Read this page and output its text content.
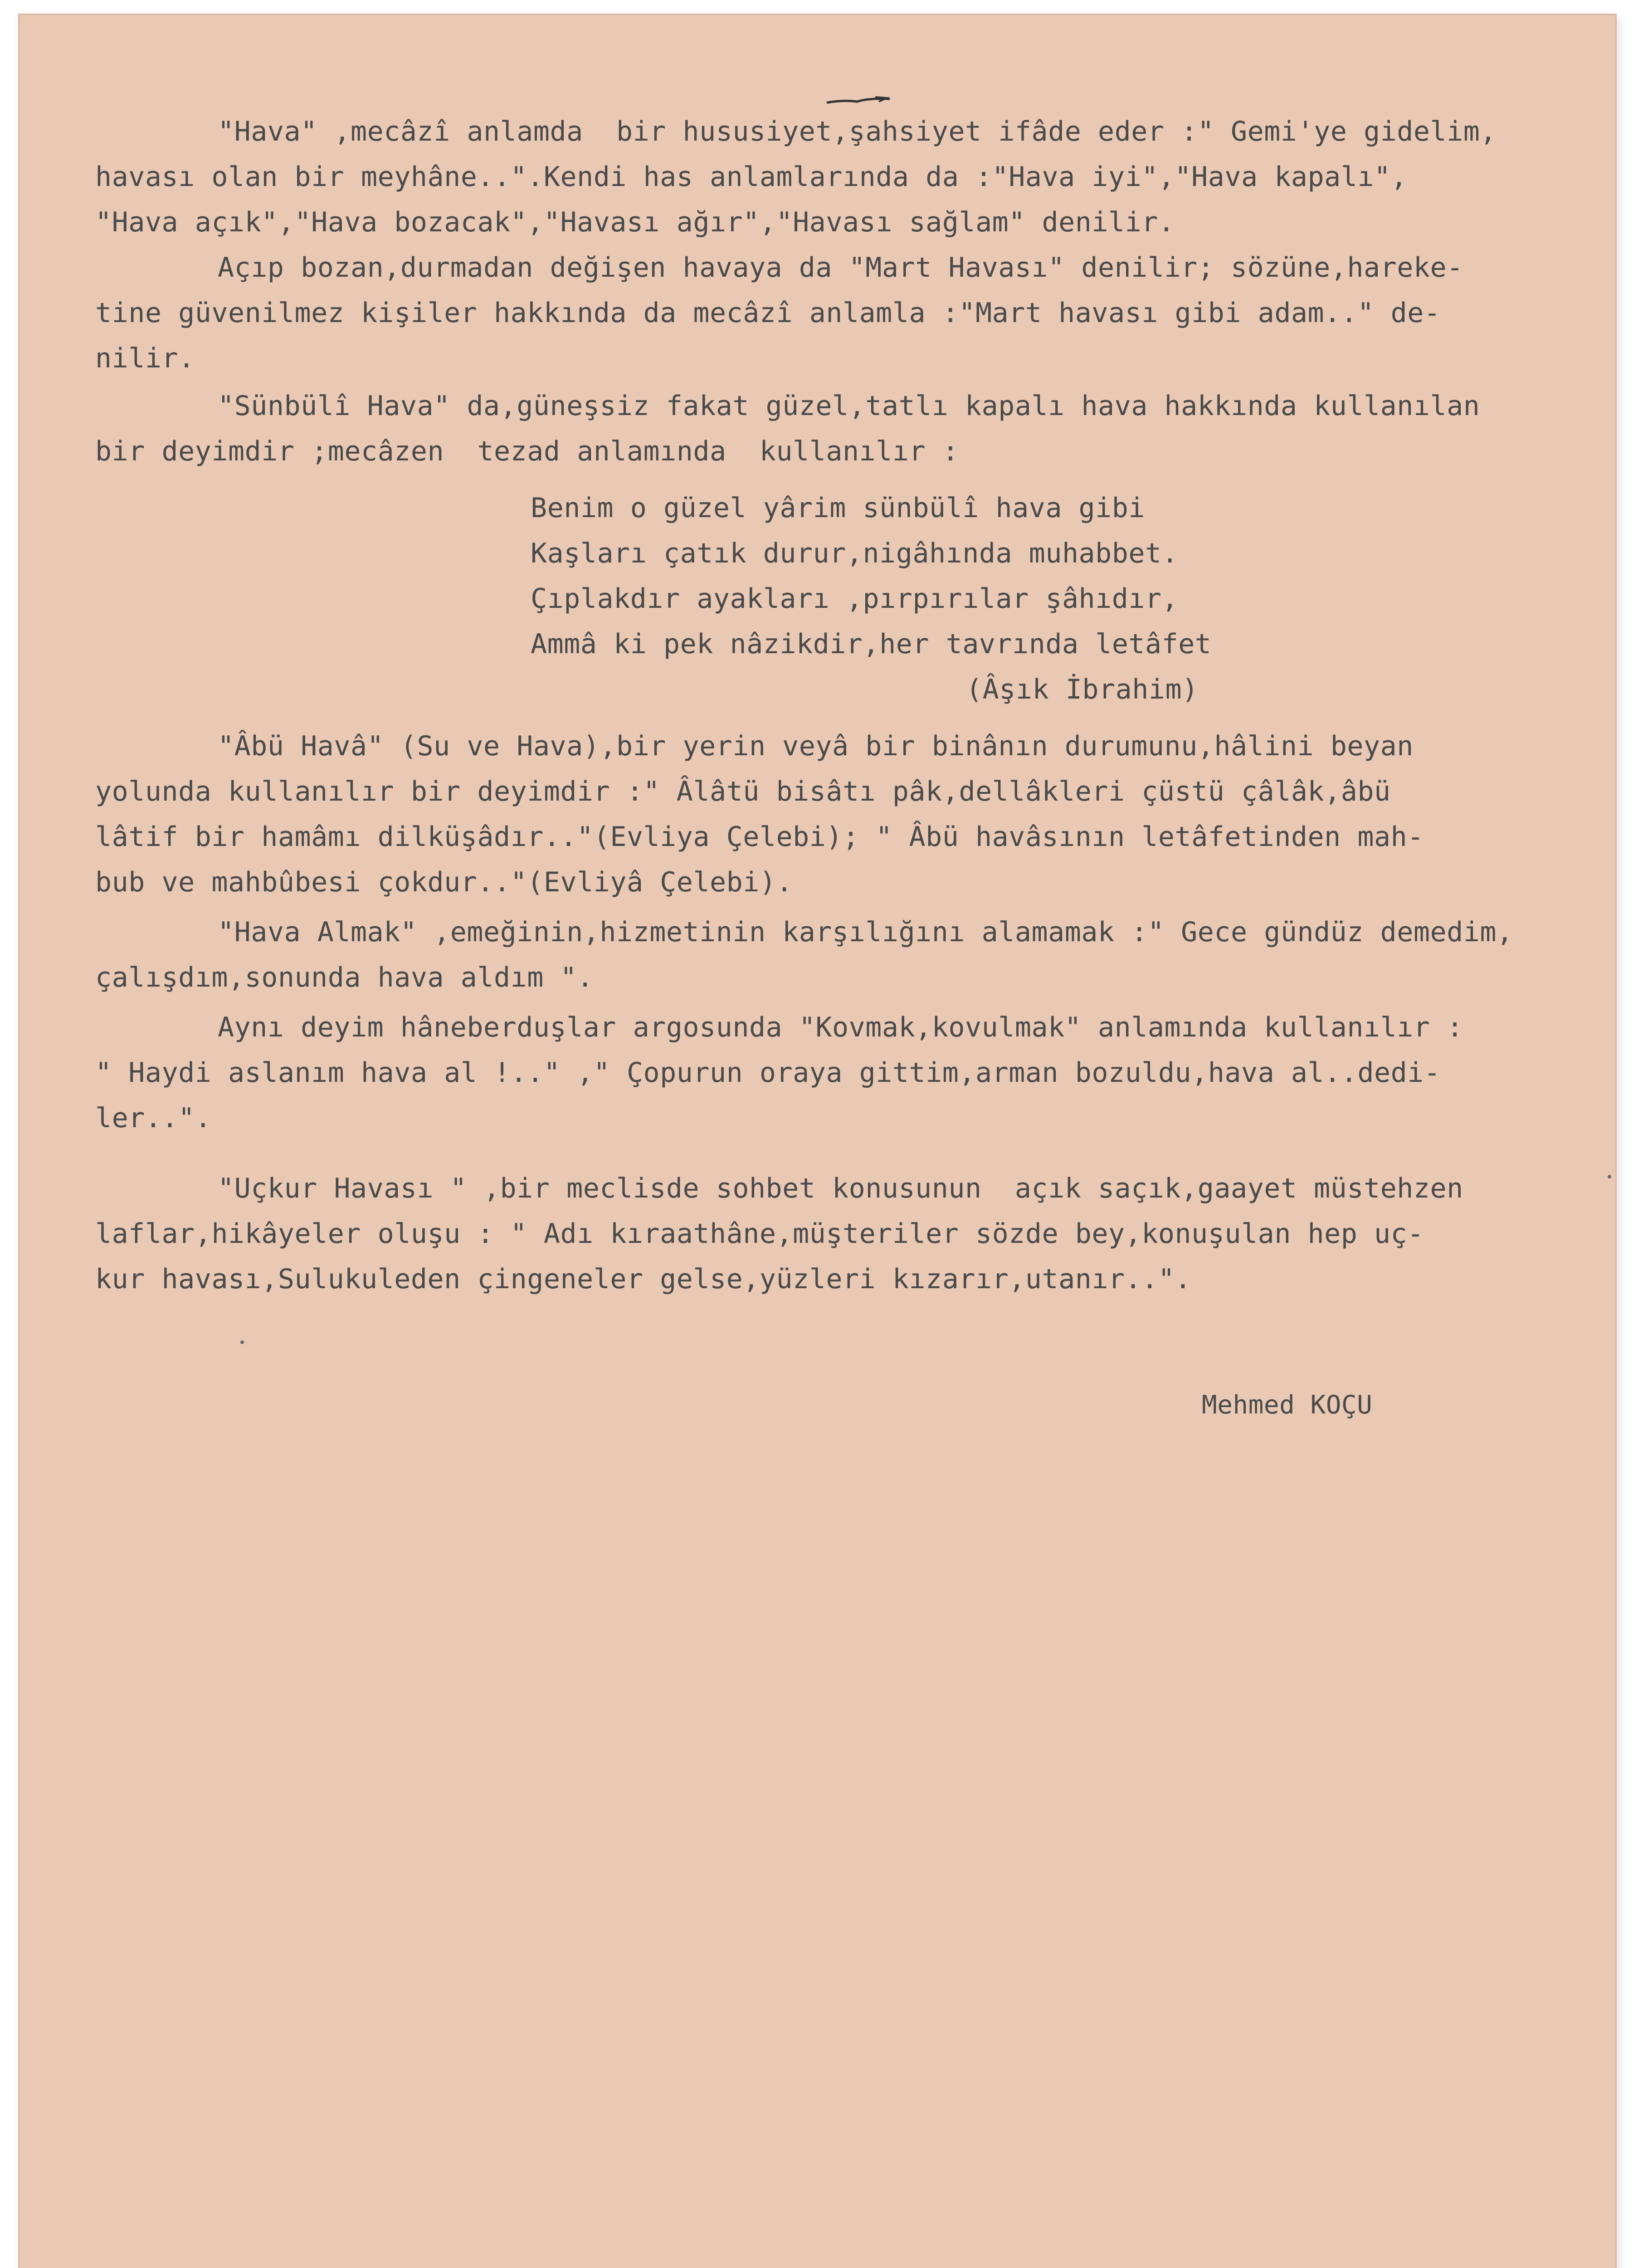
"Hava" ,mecâzî anlamda  bir hususiyet,şahsiyet ifâde eder :" Gemi'ye gidelim,

havası olan bir meyhâne..".Kendi has anlamlarında da :"Hava iyi","Hava kapalı",

"Hava açık","Hava bozacak","Havası ağır","Havası sağlam" denilir.

Açıp bozan,durmadan değişen havaya da "Mart Havası" denilir; sözüne,hareke-

tine güvenilmez kişiler hakkında da mecâzî anlamla :"Mart havası gibi adam.." de-

nilir.

"Sünbülî Hava" da,güneşsiz fakat güzel,tatlı kapalı hava hakkında kullanılan

bir deyimdir ;mecâzen  tezad anlamında  kullanılır :

Benim o güzel yârim sünbülî hava gibi

Kaşları çatık durur,nigâhında muhabbet.

Çıplakdır ayakları ,pırpırılar şâhıdır,

Ammâ ki pek nâzikdir,her tavrında letâfet

(Âşık İbrahim)

"Âbü Havâ" (Su ve Hava),bir yerin veyâ bir binânın durumunu,hâlini beyan

yolunda kullanılır bir deyimdir :" Âlâtü bisâtı pâk,dellâkleri çüstü çâlâk,âbü

lâtif bir hamâmı dilküşâdır.."(Evliya Çelebi); " Âbü havâsının letâfetinden mah-

bub ve mahbûbesi çokdur.."(Evliyâ Çelebi).

"Hava Almak" ,emeğinin,hizmetinin karşılığını alamamak :" Gece gündüz demedim,

çalışdım,sonunda hava aldım ".

Aynı deyim hâneberduşlar argosunda "Kovmak,kovulmak" anlamında kullanılır :

" Haydi aslanım hava al !.." ," Çopurun oraya gittim,arman bozuldu,hava al..dedi-

ler..".

"Uçkur Havası " ,bir meclisde sohbet konusunun  açık saçık,gaayet müstehzen

laflar,hikâyeler oluşu : " Adı kıraathâne,müşteriler sözde bey,konuşulan hep uç-

kur havası,Sulukuleden çingeneler gelse,yüzleri kızarır,utanır..".

Mehmed KOÇU
